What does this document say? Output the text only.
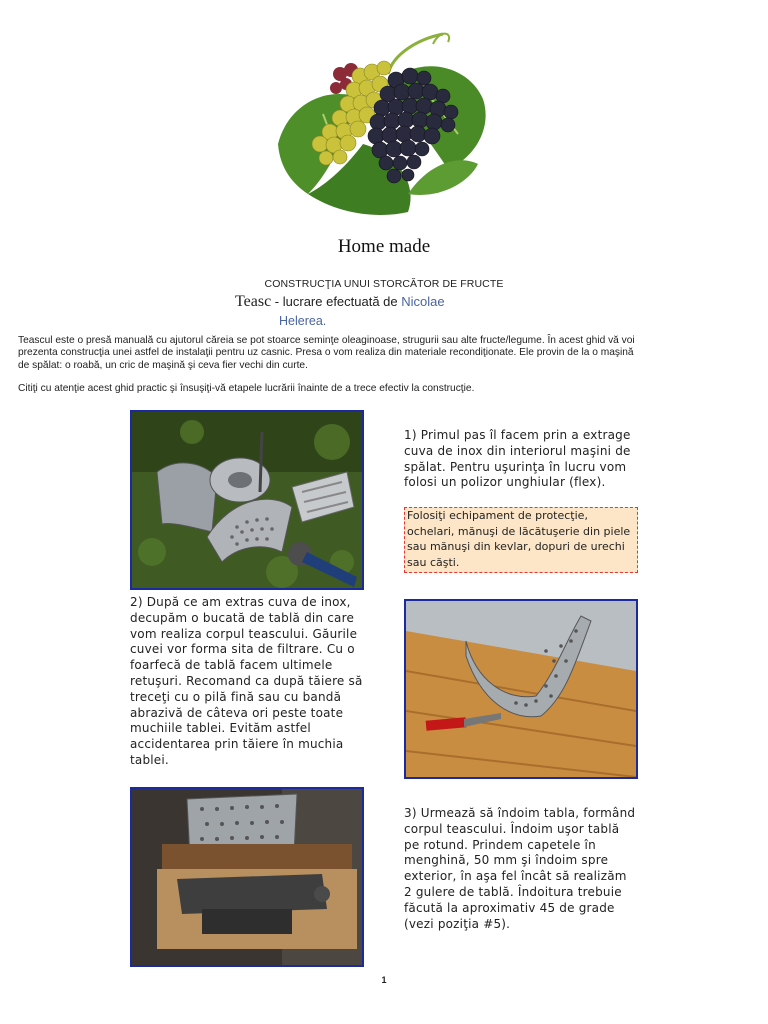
Home made
CONSTRUCŢIA UNUI STORCĂTOR DE FRUCTE
Teasc - lucrare efectuată de Nicolae
Helerea.
Teascul este o presă manuală cu ajutorul căreia se pot stoarce seminţe oleaginoase, strugurii sau alte fructe/legume. În acest ghid vă voi prezenta construcţia unei astfel de instalaţii pentru uz casnic. Presa o vom realiza din materiale recondiţionate. Ele provin de la o maşină de spălat: o roabă, un cric de maşină şi ceva fier vechi din curte.
Citiţi cu atenţie acest ghid practic şi însuşiţi-vă etapele lucrării înainte de a trece efectiv la construcţie.
1) Primul pas îl facem prin a extrage cuva de inox din interiorul maşini de spălat. Pentru uşurinţa în lucru vom folosi un polizor unghiular (flex).
Folosiţi echipament de protecţie, ochelari, mănuşi de lăcătuşerie din piele sau mănuşi din kevlar, dopuri de urechi sau căşti.
2) După ce am extras cuva de inox, decupăm o bucată de tablă din care vom realiza corpul teascului. Găurile cuvei vor forma sita de filtrare. Cu o foarfecă de tablă facem ultimele retuşuri. Recomand ca după tăiere să treceţi cu o pilă fină sau cu bandă abrazivă de câteva ori peste toate muchiile tablei. Evităm astfel accidentarea prin tăiere în muchia tablei.
3) Urmează să îndoim tabla, formând corpul teascului. Îndoim uşor tablă pe rotund. Prindem capetele în menghină, 50 mm şi îndoim spre exterior, în aşa fel încât să realizăm 2 gulere de tablă. Îndoitura trebuie făcută la aproximativ 45 de grade (vezi poziţia #5).
1
